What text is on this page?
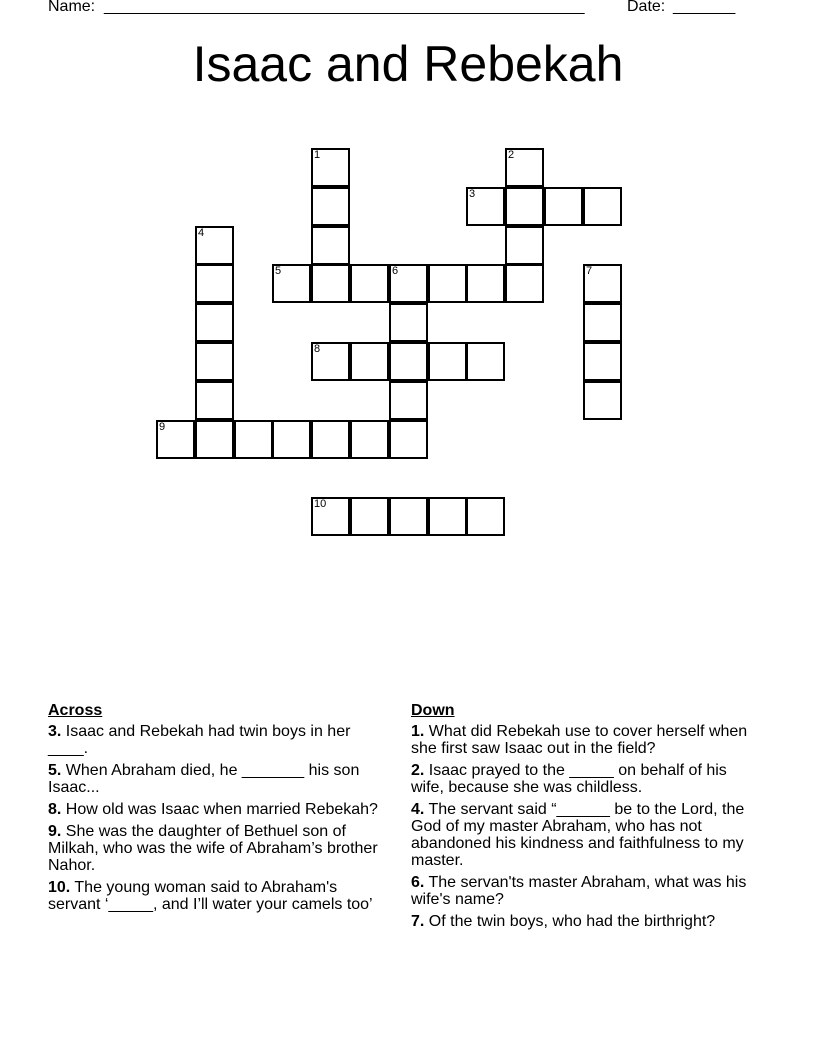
Name: ______________________________________________________	Date: _______
Isaac and Rebekah
1	2
3
4
5	6	7
8
9
10
Across
3. Isaac and Rebekah had twin boys in her ____.
5. When Abraham died, he _______ his son Isaac...
8. How old was Isaac when married Rebekah?
9. She was the daughter of Bethuel son of Milkah, who was the wife of Abraham’s brother Nahor.
10. The young woman said to Abraham's servant ‘_____, and I’ll water your camels too’
Down
1. What did Rebekah use to cover herself when she first saw Isaac out in the field?
2. Isaac prayed to the _____ on behalf of his wife, because she was childless.
4. The servant said “______ be to the Lord, the God of my master Abraham, who has not abandoned his kindness and faithfulness to my master.
6. The servan'ts master Abraham, what was his wife's name?
7. Of the twin boys, who had the birthright?
